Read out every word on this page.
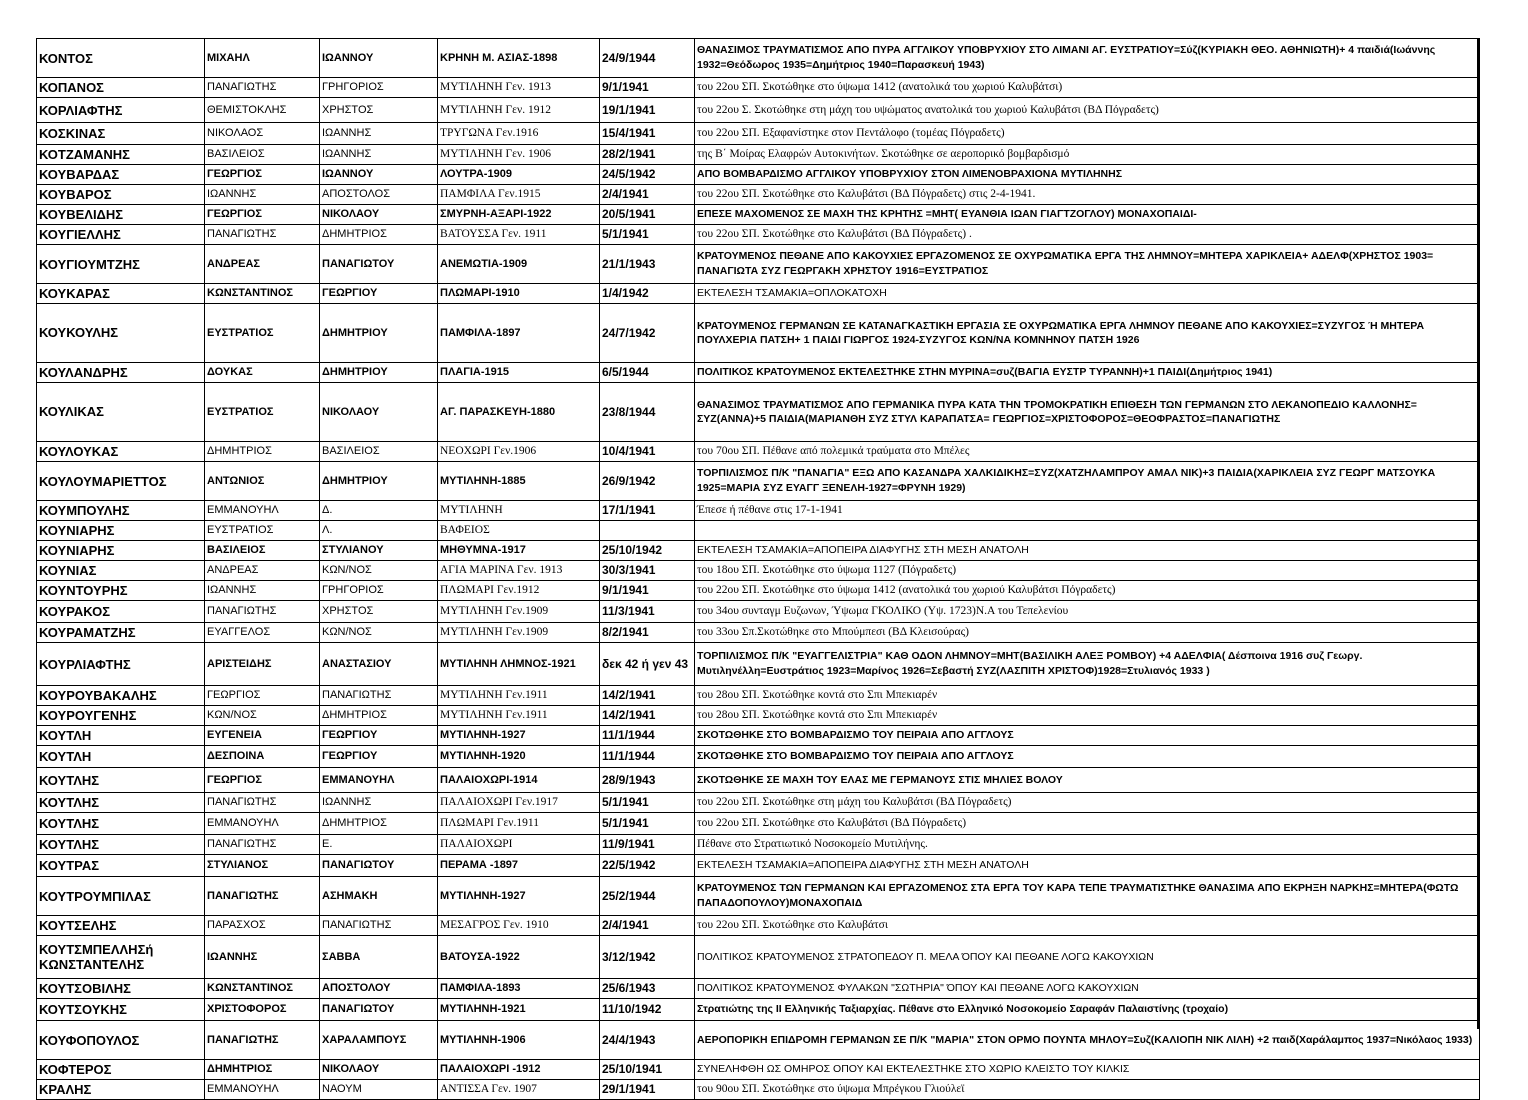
ΚΟΝΤΟΣ	ΜΙΧΑΗΛ	ΙΩΑΝΝΟΥ	ΚΡΗΝΗ Μ. ΑΣΙΑΣ-1898	24/9/1944	ΘΑΝΑΣΙΜΟΣ ΤΡΑΥΜΑΤΙΣΜΟΣ ΑΠΟ ΠΥΡΑ ΑΓΓΛΙΚΟΥ ΥΠΟΒΡΥΧΙΟΥ ΣΤΟ ΛΙΜΑΝΙ ΑΓ. ΕΥΣΤΡΑΤΙΟΥ=Σύζ(ΚΥΡΙΑΚΗ ΘΕΟ. ΑΘΗΝΙΩΤΗ)+ 4 παιδιά(Ιωάννης 1932=Θεόδωρος 1935=Δημήτριος 1940=Παρασκευή 1943)
ΚΟΠΑΝΟΣ	ΠΑΝΑΓΙΩΤΗΣ	ΓΡΗΓΟΡΙΟΣ	ΜΥΤΙΛΗΝΗ Γεν. 1913	9/1/1941	του 22ου ΣΠ. Σκοτώθηκε στο ύψωμα 1412 (ανατολικά του χωριού Καλυβάτσι)
ΚΟΡΛΙΑΦΤΗΣ	ΘΕΜΙΣΤΟΚΛΗΣ	ΧΡΗΣΤΟΣ	ΜΥΤΙΛΗΝΗ Γεν. 1912	19/1/1941	του 22ου Σ. Σκοτώθηκε στη μάχη του υψώματος ανατολικά του χωριού Καλυβάτσι (ΒΔ Πόγραδετς)
ΚΟΣΚΙΝΑΣ	ΝΙΚΟΛΑΟΣ	ΙΩΑΝΝΗΣ	ΤΡΥΓΩΝΑ Γεν.1916	15/4/1941	του 22ου ΣΠ. Εξαφανίστηκε στον Πεντάλοφο (τομέας Πόγραδετς)
ΚΟΤΖΑΜΑΝΗΣ	ΒΑΣΙΛΕΙΟΣ	ΙΩΑΝΝΗΣ	ΜΥΤΙΛΗΝΗ Γεν. 1906	28/2/1941	της Β΄ Μοίρας Ελαφρών Αυτοκινήτων. Σκοτώθηκε σε αεροπορικό βομβαρδισμό
ΚΟΥΒΑΡΔΑΣ	ΓΕΩΡΓΙΟΣ	ΙΩΑΝΝΟΥ	ΛΟΥΤΡΑ-1909	24/5/1942	ΑΠΟ ΒΟΜΒΑΡΔΙΣΜΟ ΑΓΓΛΙΚΟΥ ΥΠΟΒΡΥΧΙΟΥ ΣΤΟΝ ΛΙΜΕΝΟΒΡΑΧΙΟΝΑ ΜΥΤΙΛΗΝΗΣ
ΚΟΥΒΑΡΟΣ	ΙΩΑΝΝΗΣ	ΑΠΟΣΤΟΛΟΣ	ΠΑΜΦΙΛΑ Γεν.1915	2/4/1941	του 22ου ΣΠ. Σκοτώθηκε στο Καλυβάτσι (ΒΔ Πόγραδετς) στις 2-4-1941.
ΚΟΥΒΕΛΙΔΗΣ	ΓΕΩΡΓΙΟΣ	ΝΙΚΟΛΑΟΥ	ΣΜΥΡΝΗ-ΑΞΑΡΙ-1922	20/5/1941	ΕΠΕΣΕ ΜΑΧΟΜΕΝΟΣ ΣΕ ΜΑΧΗ ΤΗΣ ΚΡΗΤΗΣ =ΜΗΤ( ΕΥΑΝΘΙΑ ΙΩΑΝ ΓΙΑΓΤΖΟΓΛΟΥ) ΜΟΝΑΧΟΠΑΙΔΙ-
ΚΟΥΓΙΕΛΛΗΣ	ΠΑΝΑΓΙΩΤΗΣ	ΔΗΜΗΤΡΙΟΣ	ΒΑΤΟΥΣΣΑ Γεν. 1911	5/1/1941	του 22ου ΣΠ. Σκοτώθηκε στο Καλυβάτσι (ΒΔ Πόγραδετς) .
ΚΟΥΓΙΟΥΜΤΖΗΣ	ΑΝΔΡΕΑΣ	ΠΑΝΑΓΙΩΤΟΥ	ΑΝΕΜΩΤΙΑ-1909	21/1/1943	ΚΡΑΤΟΥΜΕΝΟΣ ΠΕΘΑΝΕ ΑΠΟ ΚΑΚΟΥΧΙΕΣ ΕΡΓΑΖΟΜΕΝΟΣ ΣΕ ΟΧΥΡΩΜΑΤΙΚΑ ΕΡΓΑ ΤΗΣ ΛΗΜΝΟΥ=ΜΗΤΕΡΑ ΧΑΡΙΚΛΕΙΑ+ ΑΔΕΛΦ(ΧΡΗΣΤΟΣ 1903= ΠΑΝΑΓΙΩΤΑ ΣΥΖ ΓΕΩΡΓΑΚΗ ΧΡΗΣΤΟΥ 1916=ΕΥΣΤΡΑΤΙΟΣ
ΚΟΥΚΑΡΑΣ	ΚΩΝΣΤΑΝΤΙΝΟΣ	ΓΕΩΡΓΙΟΥ	ΠΛΩΜΑΡΙ-1910	1/4/1942	ΕΚΤΕΛΕΣΗ ΤΣΑΜΑΚΙΑ=ΟΠΛΟΚΑΤΟΧΗ
ΚΟΥΚΟΥΛΗΣ	ΕΥΣΤΡΑΤΙΟΣ	ΔΗΜΗΤΡΙΟΥ	ΠΑΜΦΙΛΑ-1897	24/7/1942	ΚΡΑΤΟΥΜΕΝΟΣ ΓΕΡΜΑΝΩΝ ΣΕ ΚΑΤΑΝΑΓΚΑΣΤΙΚΗ ΕΡΓΑΣΙΑ ΣΕ ΟΧΥΡΩΜΑΤΙΚΑ ΕΡΓΑ ΛΗΜΝΟΥ ΠΕΘΑΝΕ ΑΠΟ ΚΑΚΟΥΧΙΕΣ=ΣΥΖΥΓΟΣ Ή ΜΗΤΕΡΑ ΠΟΥΛΧΕΡΙΑ ΠΑΤΣΗ+ 1 ΠΑΙΔΙ ΓΙΩΡΓΟΣ 1924-ΣΥΖΥΓΟΣ ΚΩΝ/ΝΑ ΚΟΜΝΗΝΟΥ ΠΑΤΣΗ 1926
ΚΟΥΛΑΝΔΡΗΣ	ΔΟΥΚΑΣ	ΔΗΜΗΤΡΙΟΥ	ΠΛΑΓΙΑ-1915	6/5/1944	ΠΟΛΙΤΙΚΟΣ ΚΡΑΤΟΥΜΕΝΟΣ ΕΚΤΕΛΕΣΤΗΚΕ ΣΤΗΝ ΜΥΡΙΝΑ=συζ(ΒΑΓΙΑ ΕΥΣΤΡ ΤΥΡΑΝΝΗ)+1 ΠΑΙΔΙ(Δημήτριος 1941)
ΚΟΥΛΙΚΑΣ	ΕΥΣΤΡΑΤΙΟΣ	ΝΙΚΟΛΑΟΥ	ΑΓ. ΠΑΡΑΣΚΕΥΗ-1880	23/8/1944	ΘΑΝΑΣΙΜΟΣ ΤΡΑΥΜΑΤΙΣΜΟΣ ΑΠΟ ΓΕΡΜΑΝΙΚΑ ΠΥΡΑ ΚΑΤΑ ΤΗΝ ΤΡΟΜΟΚΡΑΤΙΚΗ ΕΠΙΘΕΣΗ ΤΩΝ ΓΕΡΜΑΝΩΝ ΣΤΟ ΛΕΚΑΝΟΠΕΔΙΟ ΚΑΛΛΟΝΗΣ= ΣΥΖ(ΑΝΝΑ)+5 ΠΑΙΔΙΑ(ΜΑΡΙΑΝΘΗ ΣΥΖ ΣΤΥΛ ΚΑΡΑΠΑΤΣΑ= ΓΕΩΡΓΙΟΣ=ΧΡΙΣΤΟΦΟΡΟΣ=ΘΕΟΦΡΑΣΤΟΣ=ΠΑΝΑΓΙΩΤΗΣ
ΚΟΥΛΟΥΚΑΣ	ΔΗΜΗΤΡΙΟΣ	ΒΑΣΙΛΕΙΟΣ	ΝΕΟΧΩΡΙ Γεν.1906	10/4/1941	του 70ου ΣΠ. Πέθανε από πολεμικά τραύματα στο Μπέλες
ΚΟΥΛΟΥΜΑΡΙΕΤΤΟΣ	ΑΝΤΩΝΙΟΣ	ΔΗΜΗΤΡΙΟΥ	ΜΥΤΙΛΗΝΗ-1885	26/9/1942	ΤΟΡΠΙΛΙΣΜΟΣ Π/Κ "ΠΑΝΑΓΙΑ" ΕΞΩ ΑΠΟ ΚΑΣΑΝΔΡΑ ΧΑΛΚΙΔΙΚΗΣ=ΣΥΖ(ΧΑΤΖΗΛΑΜΠΡΟΥ ΑΜΑΛ ΝΙΚ)+3 ΠΑΙΔΙΑ(ΧΑΡΙΚΛΕΙΑ ΣΥΖ ΓΕΩΡΓ ΜΑΤΣΟΥΚΑ 1925=ΜΑΡΙΑ ΣΥΖ ΕΥΑΓΓ ΞΕΝΕΛΗ-1927=ΦΡΥΝΗ 1929)
ΚΟΥΜΠΟΥΛΗΣ	ΕΜΜΑΝΟΥΗΛ	Δ.	ΜΥΤΙΛΗΝΗ	17/1/1941	Έπεσε ή πέθανε στις 17-1-1941
ΚΟΥΝΙΑΡΗΣ	ΕΥΣΤΡΑΤΙΟΣ	Λ.	ΒΑΦΕΙΟΣ		
ΚΟΥΝΙΑΡΗΣ	ΒΑΣΙΛΕΙΟΣ	ΣΤΥΛΙΑΝΟΥ	ΜΗΘΥΜΝΑ-1917	25/10/1942	ΕΚΤΕΛΕΣΗ ΤΣΑΜΑΚΙΑ=ΑΠΟΠΕΙΡΑ ΔΙΑΦΥΓΗΣ ΣΤΗ ΜΕΣΗ ΑΝΑΤΟΛΗ
ΚΟΥΝΙΑΣ	ΑΝΔΡΕΑΣ	ΚΩΝ/ΝΟΣ	ΑΓΙΑ ΜΑΡΙΝΑ Γεν. 1913	30/3/1941	του 18ου ΣΠ. Σκοτώθηκε στο ύψωμα 1127 (Πόγραδετς)
ΚΟΥΝΤΟΥΡΗΣ	ΙΩΑΝΝΗΣ	ΓΡΗΓΟΡΙΟΣ	ΠΛΩΜΑΡΙ Γεν.1912	9/1/1941	του 22ου ΣΠ. Σκοτώθηκε στο ύψωμα 1412 (ανατολικά του χωριού Καλυβάτσι Πόγραδετς)
ΚΟΥΡΑΚΟΣ	ΠΑΝΑΓΙΩΤΗΣ	ΧΡΗΣΤΟΣ	ΜΥΤΙΛΗΝΗ Γεν.1909	11/3/1941	του 34ου συνταγμ Ευζωνων, Ύψωμα ΓΚΟΛΙΚΟ (Υψ. 1723)Ν.Α του Τεπελενίου
ΚΟΥΡΑΜΑΤΖΗΣ	ΕΥΑΓΓΕΛΟΣ	ΚΩΝ/ΝΟΣ	ΜΥΤΙΛΗΝΗ Γεν.1909	8/2/1941	του 33ου Σπ.Σκοτώθηκε στο Μπούμπεσι (ΒΔ Κλεισούρας)
ΚΟΥΡΛΙΑΦΤΗΣ	ΑΡΙΣΤΕΙΔΗΣ	ΑΝΑΣΤΑΣΙΟΥ	ΜΥΤΙΛΗΝΗ ΛΗΜΝΟΣ-1921	δεκ 42 ή γεν 43	ΤΟΡΠΙΛΙΣΜΟΣ Π/Κ "ΕΥΑΓΓΕΛΙΣΤΡΙΑ" ΚΑΘ ΟΔΟΝ ΛΗΜΝΟΥ=ΜΗΤ(ΒΑΣΙΛΙΚΗ ΑΛΕΞ ΡΟΜΒΟΥ) +4 ΑΔΕΛΦΙΑ( Δέσποινα 1916 συζ Γεωργ. Μυτιληνέλλη=Ευστράτιος 1923=Μαρίνος 1926=Σεβαστή ΣΥΖ(ΛΑΣΠΙΤΗ ΧΡΙΣΤΟΦ)1928=Στυλιανός 1933 )
ΚΟΥΡΟΥΒΑΚΑΛΗΣ	ΓΕΩΡΓΙΟΣ	ΠΑΝΑΓΙΩΤΗΣ	ΜΥΤΙΛΗΝΗ Γεν.1911	14/2/1941	του 28ου ΣΠ. Σκοτώθηκε κοντά στο Σπι Μπεκιαρέν
ΚΟΥΡΟΥΓΕΝΗΣ	ΚΩΝ/ΝΟΣ	ΔΗΜΗΤΡΙΟΣ	ΜΥΤΙΛΗΝΗ Γεν.1911	14/2/1941	του 28ου ΣΠ. Σκοτώθηκε κοντά στο Σπι Μπεκιαρέν
ΚΟΥΤΛΗ	ΕΥΓΕΝΕΙΑ	ΓΕΩΡΓΙΟΥ	ΜΥΤΙΛΗΝΗ-1927	11/1/1944	ΣΚΟΤΩΘΗΚΕ ΣΤΟ ΒΟΜΒΑΡΔΙΣΜΟ ΤΟΥ ΠΕΙΡΑΙΑ ΑΠΟ ΑΓΓΛΟΥΣ
ΚΟΥΤΛΗ	ΔΕΣΠΟΙΝΑ	ΓΕΩΡΓΙΟΥ	ΜΥΤΙΛΗΝΗ-1920	11/1/1944	ΣΚΟΤΩΘΗΚΕ ΣΤΟ ΒΟΜΒΑΡΔΙΣΜΟ ΤΟΥ ΠΕΙΡΑΙΑ ΑΠΟ ΑΓΓΛΟΥΣ
ΚΟΥΤΛΗΣ	ΓΕΩΡΓΙΟΣ	ΕΜΜΑΝΟΥΗΛ	ΠΑΛΑΙΟΧΩΡΙ-1914	28/9/1943	ΣΚΟΤΩΘΗΚΕ ΣΕ ΜΑΧΗ ΤΟΥ ΕΛΑΣ ΜΕ ΓΕΡΜΑΝΟΥΣ ΣΤΙΣ ΜΗΛΙΕΣ ΒΟΛΟΥ
ΚΟΥΤΛΗΣ	ΠΑΝΑΓΙΩΤΗΣ	ΙΩΑΝΝΗΣ	ΠΑΛΑΙΟΧΩΡΙ Γεν.1917	5/1/1941	του 22ου ΣΠ. Σκοτώθηκε στη μάχη του Καλυβάτσι (ΒΔ Πόγραδετς)
ΚΟΥΤΛΗΣ	ΕΜΜΑΝΟΥΗΛ	ΔΗΜΗΤΡΙΟΣ	ΠΛΩΜΑΡΙ Γεν.1911	5/1/1941	του 22ου ΣΠ. Σκοτώθηκε στο Καλυβάτσι (ΒΔ Πόγραδετς)
ΚΟΥΤΛΗΣ	ΠΑΝΑΓΙΩΤΗΣ	Ε.	ΠΑΛΑΙΟΧΩΡΙ	11/9/1941	Πέθανε στο Στρατιωτικό Νοσοκομείο Μυτιλήνης.
ΚΟΥΤΡΑΣ	ΣΤΥΛΙΑΝΟΣ	ΠΑΝΑΓΙΩΤΟΥ	ΠΕΡΑΜΑ -1897	22/5/1942	ΕΚΤΕΛΕΣΗ ΤΣΑΜΑΚΙΑ=ΑΠΟΠΕΙΡΑ ΔΙΑΦΥΓΗΣ ΣΤΗ ΜΕΣΗ ΑΝΑΤΟΛΗ
ΚΟΥΤΡΟΥΜΠΙΛΑΣ	ΠΑΝΑΓΙΩΤΗΣ	ΑΣΗΜΑΚΗ	ΜΥΤΙΛΗΝΗ-1927	25/2/1944	ΚΡΑΤΟΥΜΕΝΟΣ ΤΩΝ ΓΕΡΜΑΝΩΝ ΚΑΙ ΕΡΓΑΖΟΜΕΝΟΣ ΣΤΑ ΕΡΓΑ ΤΟΥ ΚΑΡΑ ΤΕΠΕ ΤΡΑΥΜΑΤΙΣΤΗΚΕ ΘΑΝΑΣΙΜΑ ΑΠΟ ΕΚΡΗΞΗ ΝΑΡΚΗΣ=ΜΗΤΕΡΑ(ΦΩΤΩ ΠΑΠΑΔΟΠΟΥΛΟΥ)ΜΟΝΑΧΟΠΑΙΔ
ΚΟΥΤΣΕΛΗΣ	ΠΑΡΑΣΧΟΣ	ΠΑΝΑΓΙΩΤΗΣ	ΜΕΣΑΓΡΟΣ Γεν. 1910	2/4/1941	του 22ου ΣΠ. Σκοτώθηκε στο Καλυβάτσι
ΚΟΥΤΣΜΠΕΛΛΗΣή ΚΩΝΣΤΑΝΤΕΛΗΣ	ΙΩΑΝΝΗΣ	ΣΑΒΒΑ	ΒΑΤΟΥΣΑ-1922	3/12/1942	ΠΟΛΙΤΙΚΟΣ ΚΡΑΤΟΥΜΕΝΟΣ ΣΤΡΑΤΟΠΕΔΟΥ Π. ΜΕΛΑ ΌΠΟΥ ΚΑΙ ΠΕΘΑΝΕ ΛΟΓΩ ΚΑΚΟΥΧΙΩΝ
ΚΟΥΤΣΟΒΙΛΗΣ	ΚΩΝΣΤΑΝΤΙΝΟΣ	ΑΠΟΣΤΟΛΟΥ	ΠΑΜΦΙΛΑ-1893	25/6/1943	ΠΟΛΙΤΙΚΟΣ ΚΡΑΤΟΥΜΕΝΟΣ ΦΥΛΑΚΩΝ "ΣΩΤΗΡΙΑ" ΌΠΟΥ ΚΑΙ ΠΕΘΑΝΕ ΛΟΓΩ ΚΑΚΟΥΧΙΩΝ
ΚΟΥΤΣΟΥΚΗΣ	ΧΡΙΣΤΟΦΟΡΟΣ	ΠΑΝΑΓΙΩΤΟΥ	ΜΥΤΙΛΗΝΗ-1921	11/10/1942	Στρατιώτης της ΙΙ Ελληνικής Ταξιαρχίας. Πέθανε στο Ελληνικό Νοσοκομείο Σαραφάν Παλαιστίνης (τροχαίο)
ΚΟΥΦΟΠΟΥΛΟΣ	ΠΑΝΑΓΙΩΤΗΣ	ΧΑΡΑΛΑΜΠΟΥΣ	ΜΥΤΙΛΗΝΗ-1906	24/4/1943	ΑΕΡΟΠΟΡΙΚΗ ΕΠΙΔΡΟΜΗ ΓΕΡΜΑΝΩΝ ΣΕ Π/Κ "ΜΑΡΙΑ" ΣΤΟΝ ΟΡΜΟ ΠΟΥΝΤΑ ΜΗΛΟΥ=Συζ(ΚΑΛΙΟΠΗ ΝΙΚ ΛΙΛΗ) +2 παιδ(Χαράλαμπος 1937=Νικόλαος 1933)
ΚΟΦΤΕΡΟΣ	ΔΗΜΗΤΡΙΟΣ	ΝΙΚΟΛΑΟΥ	ΠΑΛΑΙΟΧΩΡΙ -1912	25/10/1941	ΣΥΝΕΛΗΦΘΗ ΩΣ ΟΜΗΡΟΣ ΟΠΟΥ ΚΑΙ ΕΚΤΕΛΕΣΤΗΚΕ ΣΤΟ ΧΩΡΙΟ ΚΛΕΙΣΤΟ ΤΟΥ ΚΙΛΚΙΣ
ΚΡΑΛΗΣ	ΕΜΜΑΝΟΥΗΛ	ΝΑΟΥΜ	ΑΝΤΙΣΣΑ Γεν. 1907	29/1/1941	του 90ου ΣΠ. Σκοτώθηκε στο ύψωμα Μπρέγκου Γλιούλεϊ
